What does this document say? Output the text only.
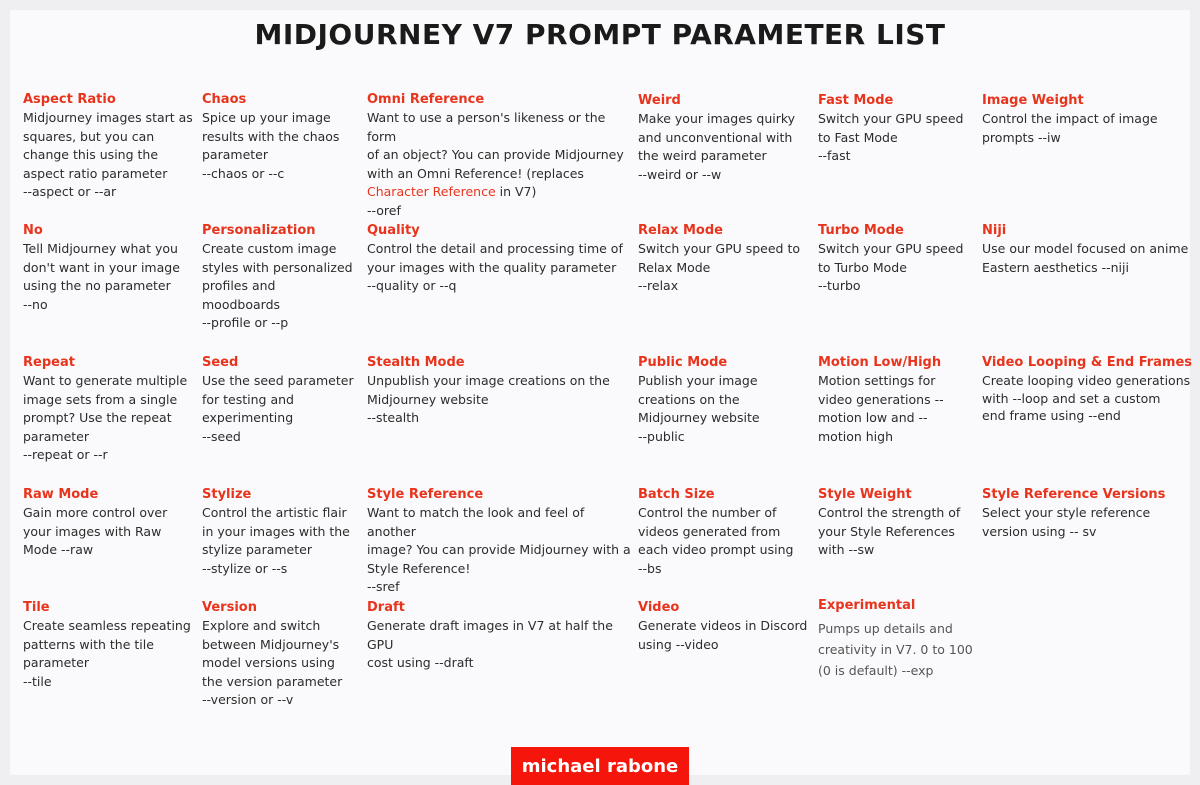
MIDJOURNEY V7 PROMPT PARAMETER LIST
Aspect Ratio
Midjourney images start as
squares, but you can
change this using the
aspect ratio parameter
--aspect or --ar
Chaos
Spice up your image
results with the chaos
parameter
--chaos or --c
Omni Reference
Want to use a person's likeness or the form
of an object? You can provide Midjourney
with an Omni Reference! (replaces
Character Reference in V7)
--oref
Weird
Make your images quirky
and unconventional with
the weird parameter
--weird or --w
Fast Mode
Switch your GPU speed
to Fast Mode
--fast
Image Weight
Control the impact of image
prompts --iw
No
Tell Midjourney what you
don't want in your image
using the no parameter
--no
Personalization
Create custom image
styles with personalized
profiles and
moodboards
--profile or --p
Quality
Control the detail and processing time of
your images with the quality parameter
--quality or --q
Relax Mode
Switch your GPU speed to
Relax Mode
--relax
Turbo Mode
Switch your GPU speed
to Turbo Mode
--turbo
Niji
Use our model focused on anime
Eastern aesthetics --niji
Repeat
Want to generate multiple
image sets from a single
prompt? Use the repeat
parameter
--repeat or --r
Seed
Use the seed parameter
for testing and
experimenting
--seed
Stealth Mode
Unpublish your image creations on the
Midjourney website
--stealth
Public Mode
Publish your image
creations on the
Midjourney website
--public
Motion Low/High
Motion settings for
video generations --
motion low and --
motion high
Video Looping & End Frames
Create looping video generations
with --loop and set a custom
end frame using --end
Raw Mode
Gain more control over
your images with Raw
Mode --raw
Stylize
Control the artistic flair
in your images with the
stylize parameter
--stylize or --s
Style Reference
Want to match the look and feel of another
image? You can provide Midjourney with a
Style Reference!
--sref
Batch Size
Control the number of
videos generated from
each video prompt using
--bs
Style Weight
Control the strength of
your Style References
with --sw
Style Reference Versions
Select your style reference
version using -- sv
Tile
Create seamless repeating
patterns with the tile
parameter
--tile
Version
Explore and switch
between Midjourney's
model versions using
the version parameter
--version or --v
Draft
Generate draft images in V7 at half the GPU
cost using --draft
Video
Generate videos in Discord
using --video
Experimental
Pumps up details and
creativity in V7. 0 to 100
(0 is default) --exp
michael rabone
